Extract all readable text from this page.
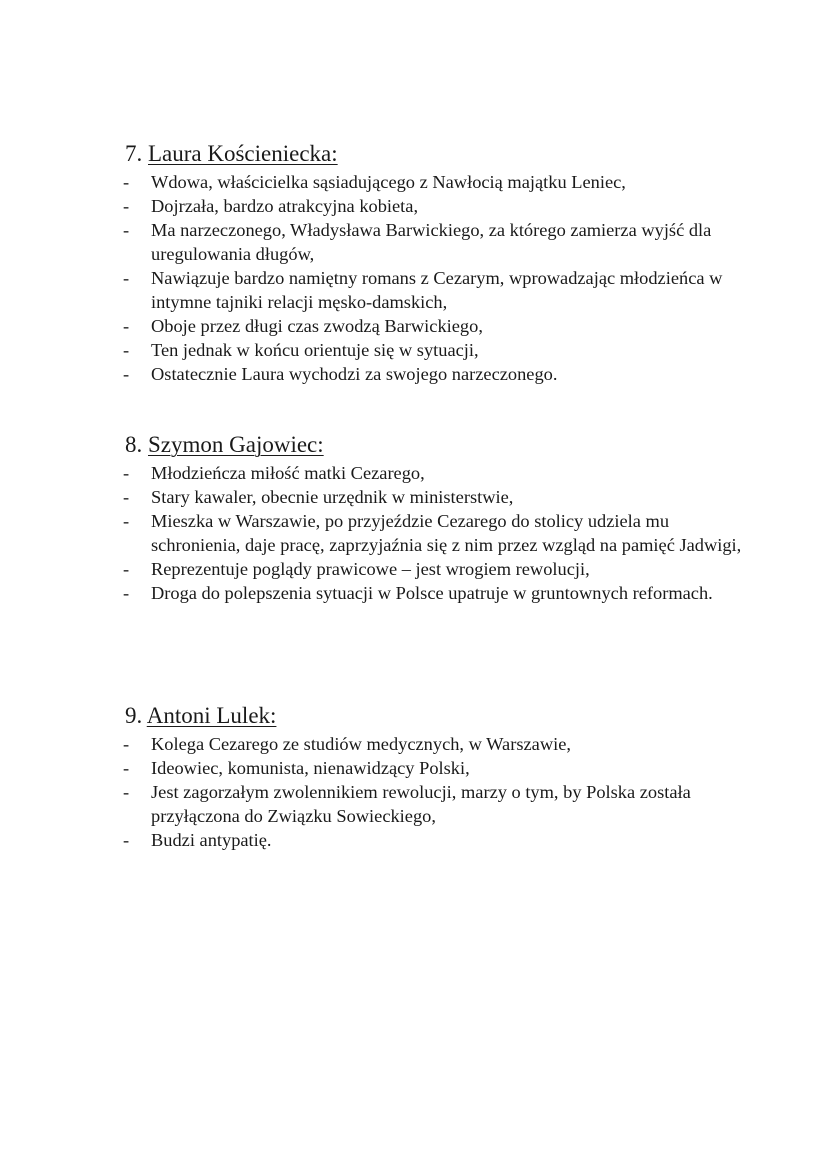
7. Laura Kościeniecka:
- Wdowa, właścicielka sąsiadującego z Nawłocią majątku Leniec,
- Dojrzała, bardzo atrakcyjna kobieta,
- Ma narzeczonego, Władysława Barwickiego, za którego zamierza wyjść dla uregulowania długów,
- Nawiązuje bardzo namiętny romans z Cezarym, wprowadzając młodzieńca w intymne tajniki relacji męsko-damskich,
- Oboje przez długi czas zwodzą Barwickiego,
- Ten jednak w końcu orientuje się w sytuacji,
- Ostatecznie Laura wychodzi za swojego narzeczonego.
8. Szymon Gajowiec:
- Młodzieńcza miłość matki Cezarego,
- Stary kawaler, obecnie urzędnik w ministerstwie,
- Mieszka w Warszawie, po przyjeździe Cezarego do stolicy udziela mu schronienia, daje pracę, zaprzyjaźnia się z nim przez wzgląd na pamięć Jadwigi,
- Reprezentuje poglądy prawicowe – jest wrogiem rewolucji,
- Droga do polepszenia sytuacji w Polsce upatruje w gruntownych reformach.
9. Antoni Lulek:
- Kolega Cezarego ze studiów medycznych, w Warszawie,
- Ideowiec, komunista, nienawidzący Polski,
- Jest zagorzałym zwolennikiem rewolucji, marzy o tym, by Polska została przyłączona do Związku Sowieckiego,
- Budzi antypatię.
